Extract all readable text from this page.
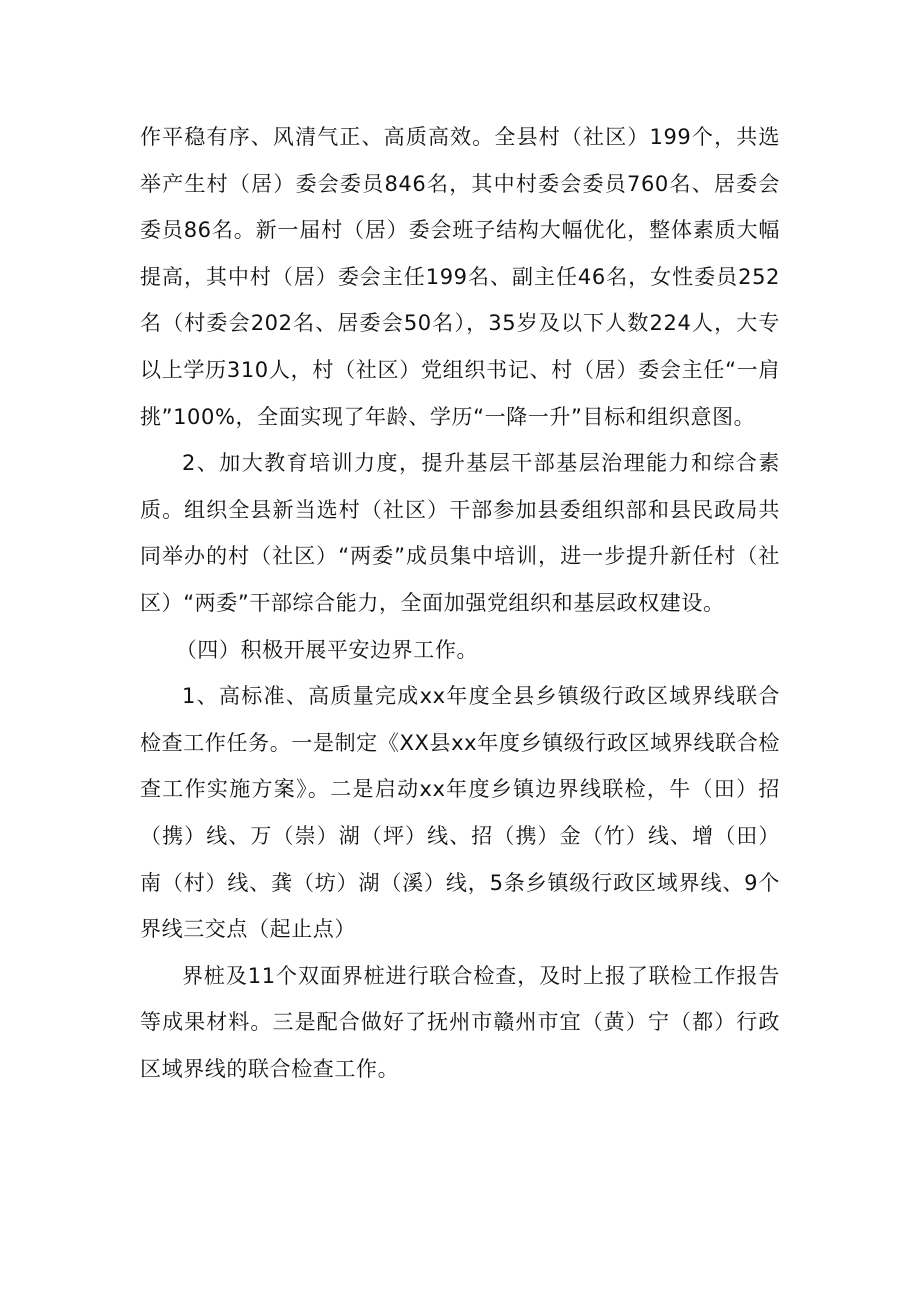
作平稳有序、风清气正、高质高效。全县村（社区）199个，共选举产生村（居）委会委员846名，其中村委会委员760名、居委会委员86名。新一届村（居）委会班子结构大幅优化，整体素质大幅提高，其中村（居）委会主任199名、副主任46名，女性委员252名（村委会202名、居委会50名），35岁及以下人数224人，大专以上学历310人，村（社区）党组织书记、村（居）委会主任“一肩挑”100%，全面实现了年龄、学历“一降一升”目标和组织意图。

2、加大教育培训力度，提升基层干部基层治理能力和综合素质。组织全县新当选村（社区）干部参加县委组织部和县民政局共同举办的村（社区）“两委”成员集中培训，进一步提升新任村（社区）“两委”干部综合能力，全面加强党组织和基层政权建设。

（四）积极开展平安边界工作。

1、高标准、高质量完成xx年度全县乡镇级行政区域界线联合检查工作任务。一是制定《XX县xx年度乡镇级行政区域界线联合检查工作实施方案》。二是启动xx年度乡镇边界线联检，牛（田）招（携）线、万（崇）湖（坪）线、招（携）金（竹）线、增（田）南（村）线、龚（坊）湖（溪）线，5条乡镇级行政区域界线、9个界线三交点（起止点）

界桩及11个双面界桩进行联合检查，及时上报了联检工作报告等成果材料。三是配合做好了抚州市赣州市宜（黄）宁（都）行政区域界线的联合检查工作。
